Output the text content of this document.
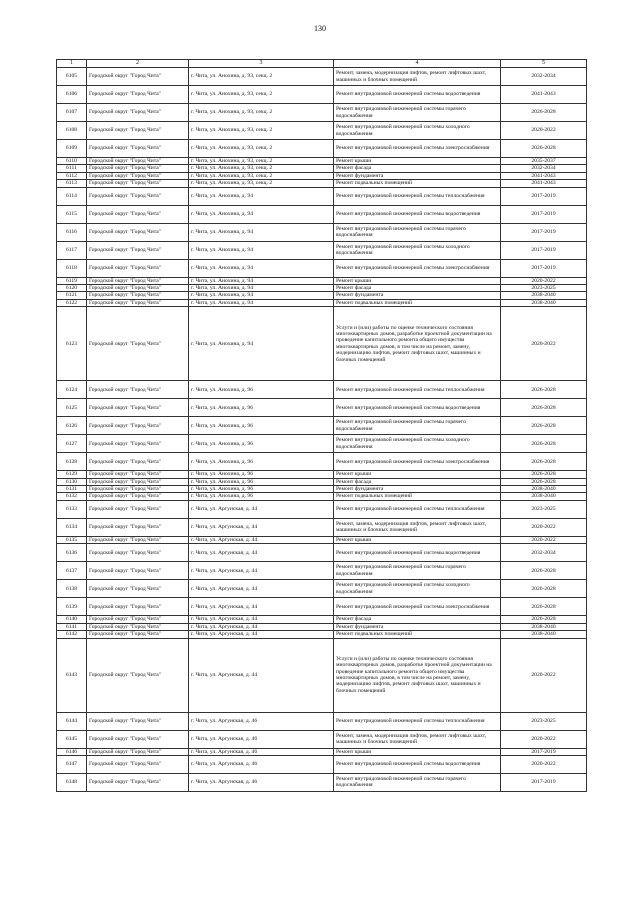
130
1	2	3	4	5
6105	Городской округ "Город Чита"	г. Чита, ул. Анохина, д. 93, секц. 2	Ремонт, замена, модернизация лифтов, ремонт лифтовых шахт, машинных и блочных помещений	2032-2034
6106	Городской округ "Город Чита"	г. Чита, ул. Анохина, д. 93, секц. 2	Ремонт внутридомовой инженерной системы водоотведения	2041-2043
6107	Городской округ "Город Чита"	г. Чита, ул. Анохина, д. 93, секц. 2	Ремонт внутридомовой инженерной системы горячего водоснабжения	2026-2028
6108	Городской округ "Город Чита"	г. Чита, ул. Анохина, д. 93, секц. 2	Ремонт внутридомовой инженерной системы холодного водоснабжения	2020-2022
6109	Городской округ "Город Чита"	г. Чита, ул. Анохина, д. 93, секц. 2	Ремонт внутридомовой инженерной системы электроснабжения	2026-2028
6110	Городской округ "Город Чита"	г. Чита, ул. Анохина, д. 93, секц. 2	Ремонт крыши	2035-2037
6111	Городской округ "Город Чита"	г. Чита, ул. Анохина, д. 93, секц. 2	Ремонт фасада	2032-2034
6112	Городской округ "Город Чита"	г. Чита, ул. Анохина, д. 93, секц. 2	Ремонт фундамента	2041-2043
6113	Городской округ "Город Чита"	г. Чита, ул. Анохина, д. 93, секц. 2	Ремонт подвальных помещений	2041-2043
6114	Городской округ "Город Чита"	г. Чита, ул. Анохина, д. 94	Ремонт внутридомовой инженерной системы теплоснабжения	2017-2019
6115	Городской округ "Город Чита"	г. Чита, ул. Анохина, д. 94	Ремонт внутридомовой инженерной системы водоотведения	2017-2019
6116	Городской округ "Город Чита"	г. Чита, ул. Анохина, д. 94	Ремонт внутридомовой инженерной системы горячего водоснабжения	2017-2019
6117	Городской округ "Город Чита"	г. Чита, ул. Анохина, д. 94	Ремонт внутридомовой инженерной системы холодного водоснабжения	2017-2019
6118	Городской округ "Город Чита"	г. Чита, ул. Анохина, д. 94	Ремонт внутридомовой инженерной системы электроснабжения	2017-2019
6119	Городской округ "Город Чита"	г. Чита, ул. Анохина, д. 94	Ремонт крыши	2020-2022
6120	Городской округ "Город Чита"	г. Чита, ул. Анохина, д. 94	Ремонт фасада	2023-2025
6121	Городской округ "Город Чита"	г. Чита, ул. Анохина, д. 94	Ремонт фундамента	2038-2040
6122	Городской округ "Город Чита"	г. Чита, ул. Анохина, д. 94	Ремонт подвальных помещений	2038-2040
6123	Городской округ "Город Чита"	г. Чита, ул. Анохина, д. 94	Услуги и (или) работы по оценке технического состояния многоквартирных домов, разработке проектной документации на проведение капитального ремонта общего имущества многоквартирных домов, в том числе на ремонт, замену, модернизацию лифтов, ремонт лифтовых шахт, машинных и блочных помещений	2020-2022
6124	Городской округ "Город Чита"	г. Чита, ул. Анохина, д. 96	Ремонт внутридомовой инженерной системы теплоснабжения	2026-2028
6125	Городской округ "Город Чита"	г. Чита, ул. Анохина, д. 96	Ремонт внутридомовой инженерной системы водоотведения	2026-2028
6126	Городской округ "Город Чита"	г. Чита, ул. Анохина, д. 96	Ремонт внутридомовой инженерной системы горячего водоснабжения	2026-2028
6127	Городской округ "Город Чита"	г. Чита, ул. Анохина, д. 96	Ремонт внутридомовой инженерной системы холодного водоснабжения	2026-2028
6128	Городской округ "Город Чита"	г. Чита, ул. Анохина, д. 96	Ремонт внутридомовой инженерной системы электроснабжения	2026-2028
6129	Городской округ "Город Чита"	г. Чита, ул. Анохина, д. 96	Ремонт крыши	2026-2028
6130	Городской округ "Город Чита"	г. Чита, ул. Анохина, д. 96	Ремонт фасада	2026-2028
6131	Городской округ "Город Чита"	г. Чита, ул. Анохина, д. 96	Ремонт фундамента	2038-2040
6132	Городской округ "Город Чита"	г. Чита, ул. Анохина, д. 96	Ремонт подвальных помещений	2038-2040
6133	Городской округ "Город Чита"	г. Чита, ул. Аргунская, д. 44	Ремонт внутридомовой инженерной системы теплоснабжения	2023-2025
6134	Городской округ "Город Чита"	г. Чита, ул. Аргунская, д. 44	Ремонт, замена, модернизация лифтов, ремонт лифтовых шахт, машинных и блочных помещений	2020-2022
6135	Городской округ "Город Чита"	г. Чита, ул. Аргунская, д. 44	Ремонт крыши	2020-2022
6136	Городской округ "Город Чита"	г. Чита, ул. Аргунская, д. 44	Ремонт внутридомовой инженерной системы водоотведения	2032-2034
6137	Городской округ "Город Чита"	г. Чита, ул. Аргунская, д. 44	Ремонт внутридомовой инженерной системы горячего водоснабжения	2026-2028
6138	Городской округ "Город Чита"	г. Чита, ул. Аргунская, д. 44	Ремонт внутридомовой инженерной системы холодного водоснабжения	2026-2028
6139	Городской округ "Город Чита"	г. Чита, ул. Аргунская, д. 44	Ремонт внутридомовой инженерной системы электроснабжения	2026-2028
6140	Городской округ "Город Чита"	г. Чита, ул. Аргунская, д. 44	Ремонт фасада	2026-2028
6141	Городской округ "Город Чита"	г. Чита, ул. Аргунская, д. 44	Ремонт фундамента	2038-2040
6142	Городской округ "Город Чита"	г. Чита, ул. Аргунская, д. 44	Ремонт подвальных помещений	2038-2040
6143	Городской округ "Город Чита"	г. Чита, ул. Аргунская, д. 44	Услуги и (или) работы по оценке технического состояния многоквартирных домов, разработке проектной документации на проведение капитального ремонта общего имущества многоквартирных домов, в том числе на ремонт, замену, модернизацию лифтов, ремонт лифтовых шахт, машинных и блочных помещений	2020-2022
6144	Городской округ "Город Чита"	г. Чита, ул. Аргунская, д. 46	Ремонт внутридомовой инженерной системы теплоснабжения	2023-2025
6145	Городской округ "Город Чита"	г. Чита, ул. Аргунская, д. 46	Ремонт, замена, модернизация лифтов, ремонт лифтовых шахт, машинных и блочных помещений	2020-2022
6146	Городской округ "Город Чита"	г. Чита, ул. Аргунская, д. 46	Ремонт крыши	2017-2019
6147	Городской округ "Город Чита"	г. Чита, ул. Аргунская, д. 46	Ремонт внутридомовой инженерной системы водоотведения	2020-2022
6148	Городской округ "Город Чита"	г. Чита, ул. Аргунская, д. 46	Ремонт внутридомовой инженерной системы горячего водоснабжения	2017-2019
